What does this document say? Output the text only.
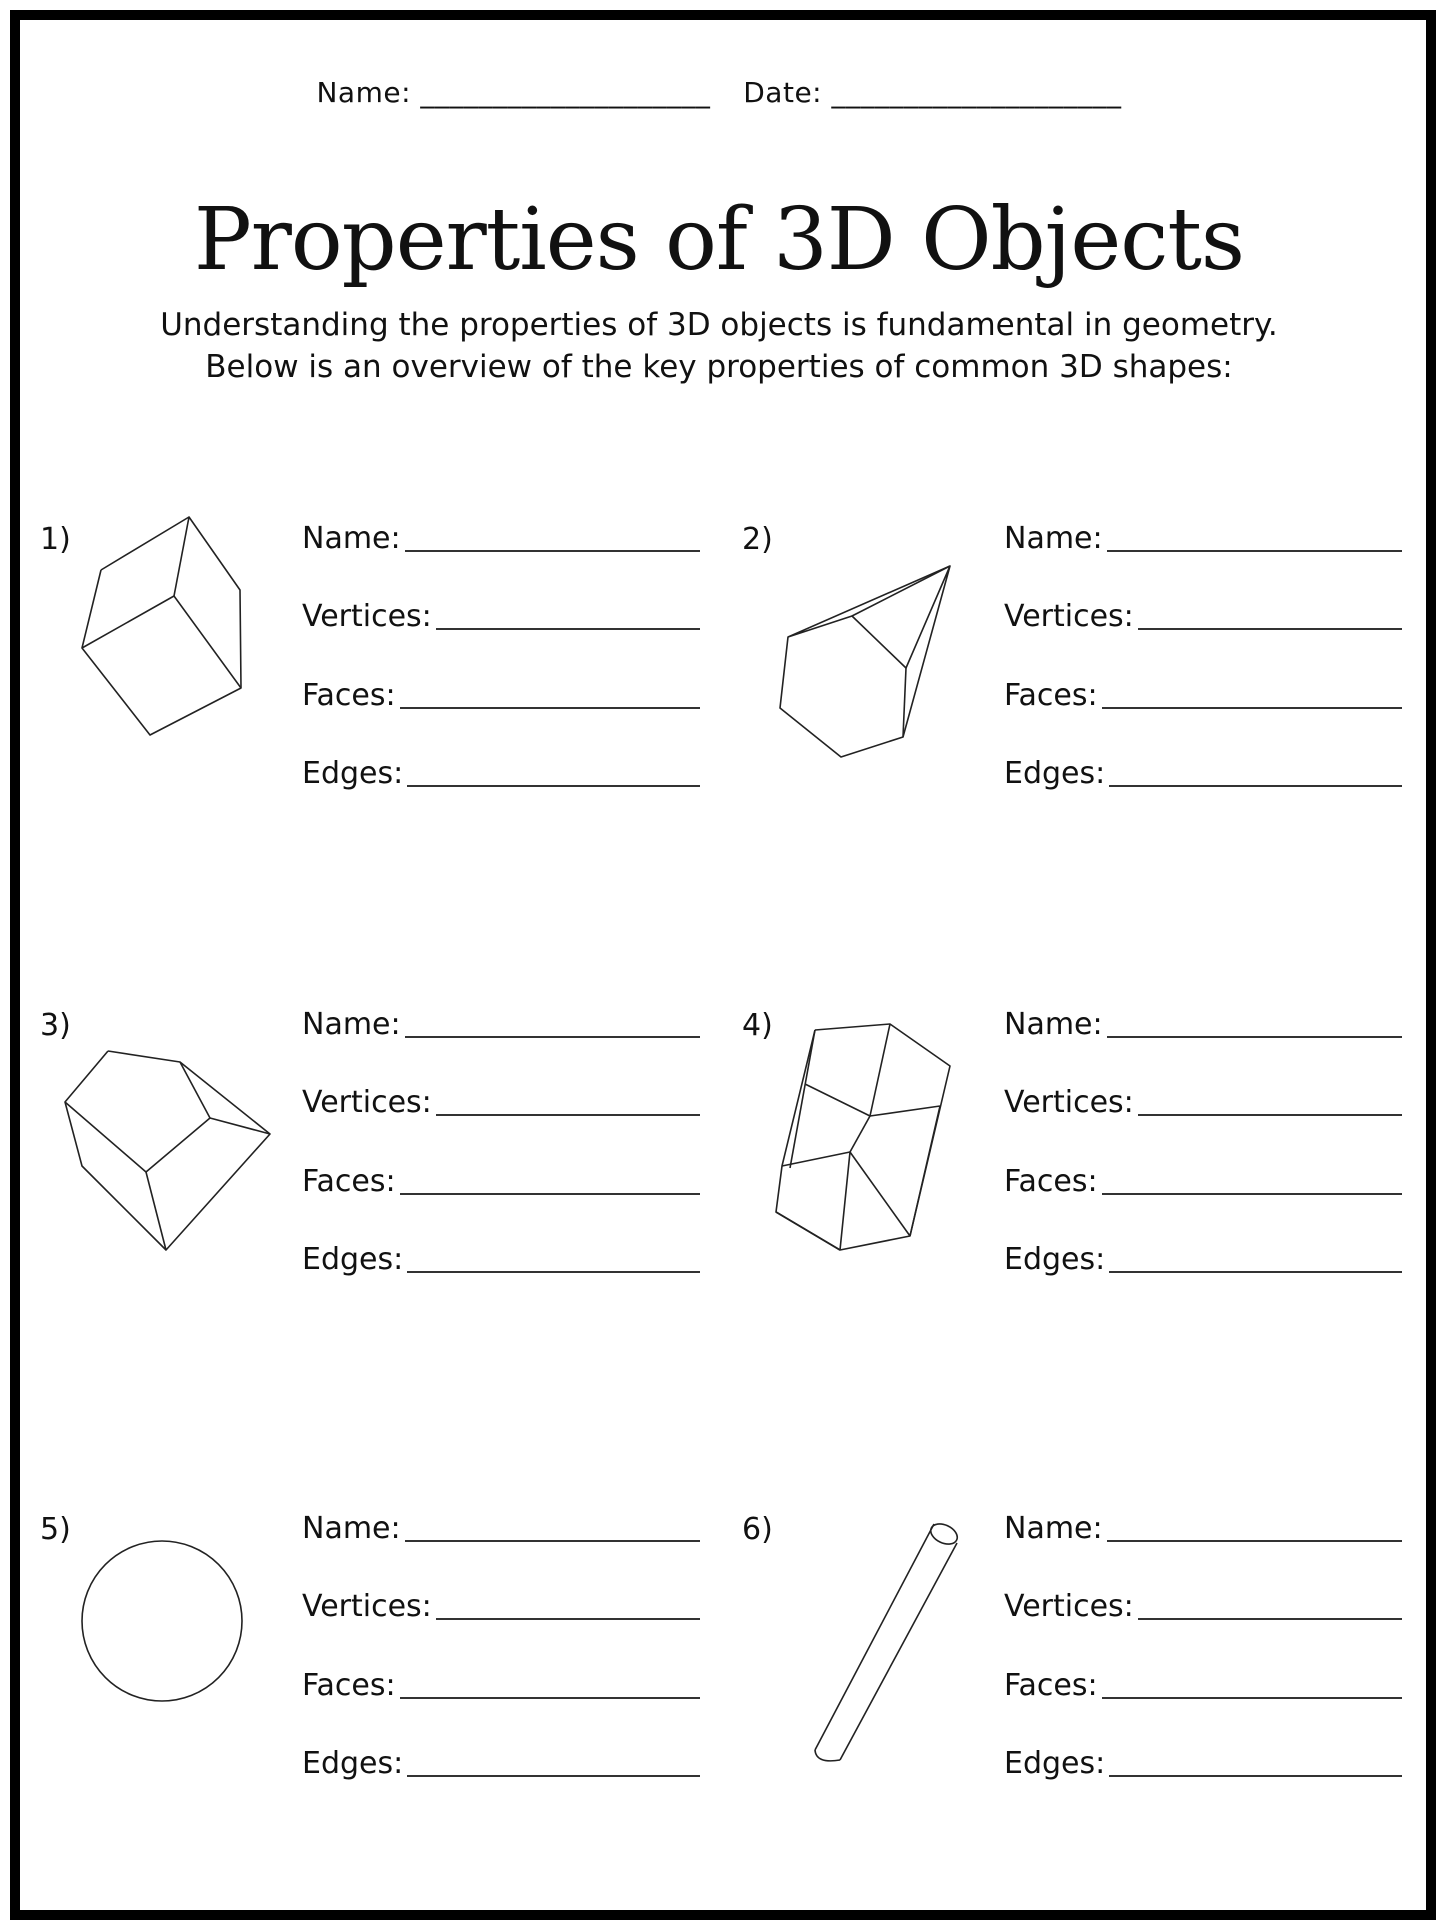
Name: ____________________ Date: ____________________
Properties of 3D Objects
Understanding the properties of 3D objects is fundamental in geometry.
Below is an overview of the key properties of common 3D shapes:
1)	Name:
Vertices:
Faces:
Edges:
2)	Name:
Vertices:
Faces:
Edges:
3)	Name:
Vertices:
Faces:
Edges:
4)	Name:
Vertices:
Faces:
Edges:
5)	Name:
Vertices:
Faces:
Edges:
6)	Name:
Vertices:
Faces:
Edges:
